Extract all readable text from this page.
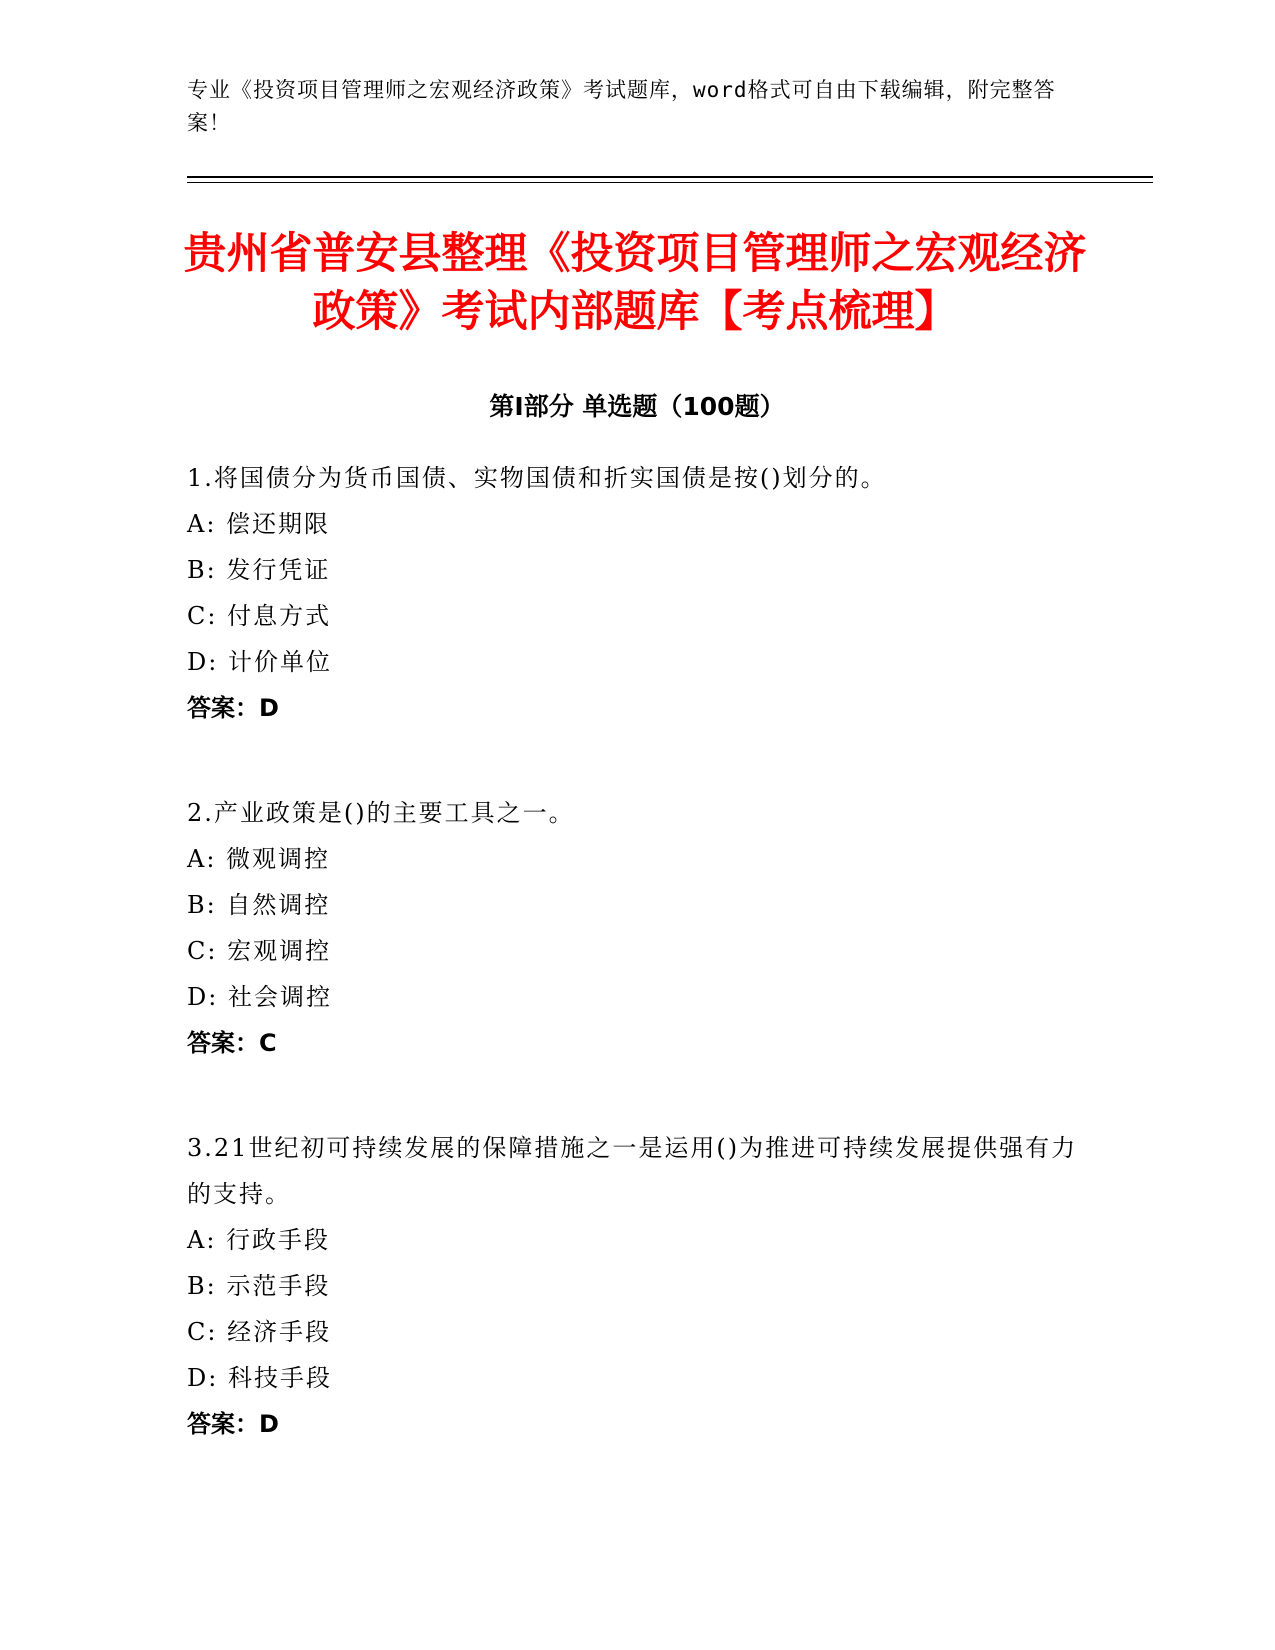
专业《投资项目管理师之宏观经济政策》考试题库，word格式可自由下载编辑，附完整答案！
贵州省普安县整理《投资项目管理师之宏观经济政策》考试内部题库【考点梳理】
第Ⅰ部分 单选题（100题）
1.将国债分为货币国债、实物国债和折实国债是按()划分的。
A: 偿还期限
B: 发行凭证
C: 付息方式
D: 计价单位
答案：D
2.产业政策是()的主要工具之一。
A: 微观调控
B: 自然调控
C: 宏观调控
D: 社会调控
答案：C
3.21世纪初可持续发展的保障措施之一是运用()为推进可持续发展提供强有力的支持。
A: 行政手段
B: 示范手段
C: 经济手段
D: 科技手段
答案：D
